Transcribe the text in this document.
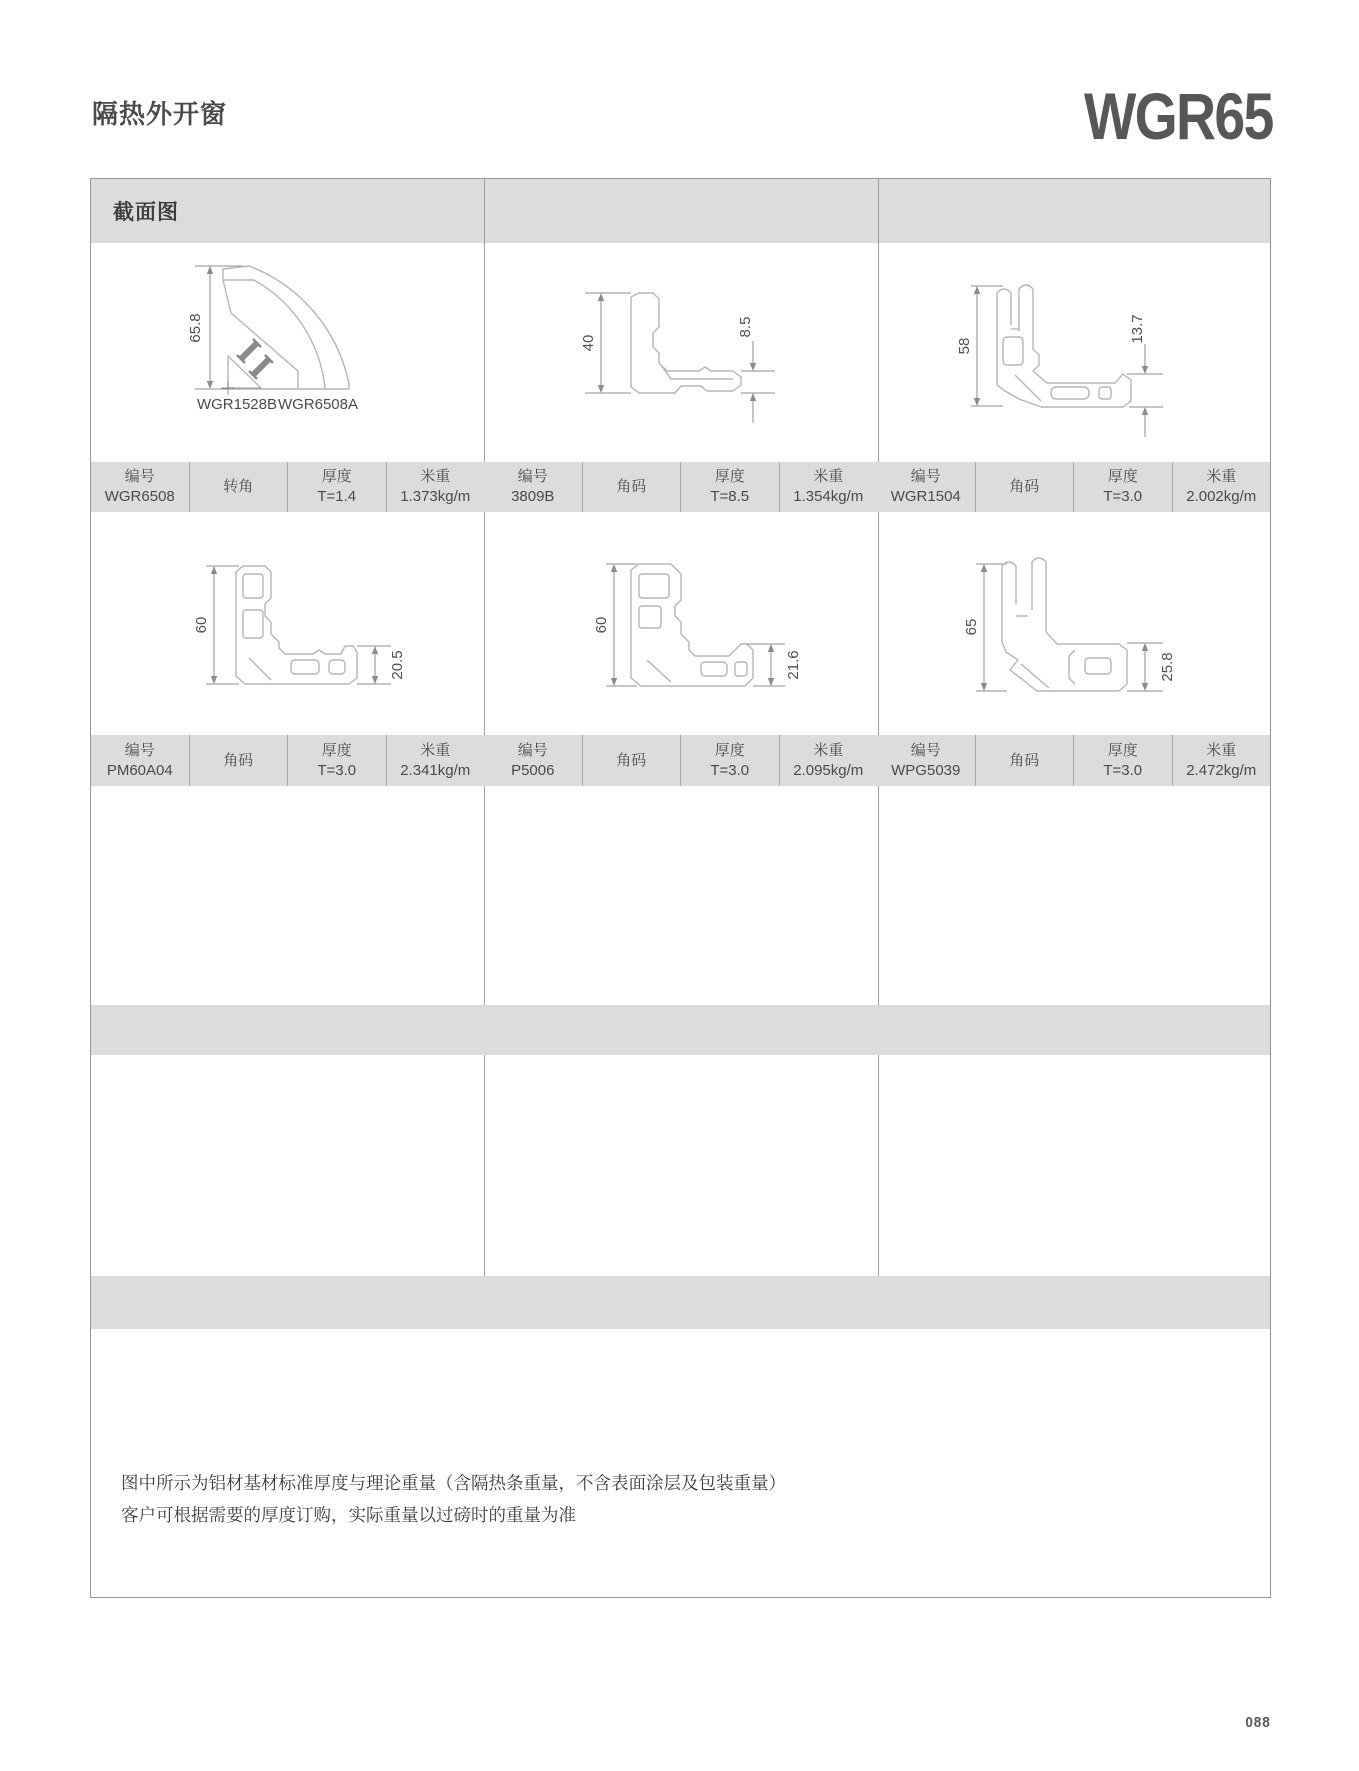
隔热外开窗	WGR65
截面图
65.8
WGR1528B WGR6508A
40
8.5
58
13.7
编号
WGR6508
转角
厚度
T=1.4
米重
1.373kg/m
编号
3809B
角码
厚度
T=8.5
米重
1.354kg/m
编号
WGR1504
角码
厚度
T=3.0
米重
2.002kg/m
60
20.5
60
21.6
65
25.8
编号
PM60A04
角码
厚度
T=3.0
米重
2.341kg/m
编号
P5006
角码
厚度
T=3.0
米重
2.095kg/m
编号
WPG5039
角码
厚度
T=3.0
米重
2.472kg/m

图中所示为铝材基材标准厚度与理论重量（含隔热条重量，不含表面涂层及包装重量）

客户可根据需要的厚度订购，实际重量以过磅时的重量为准

088
